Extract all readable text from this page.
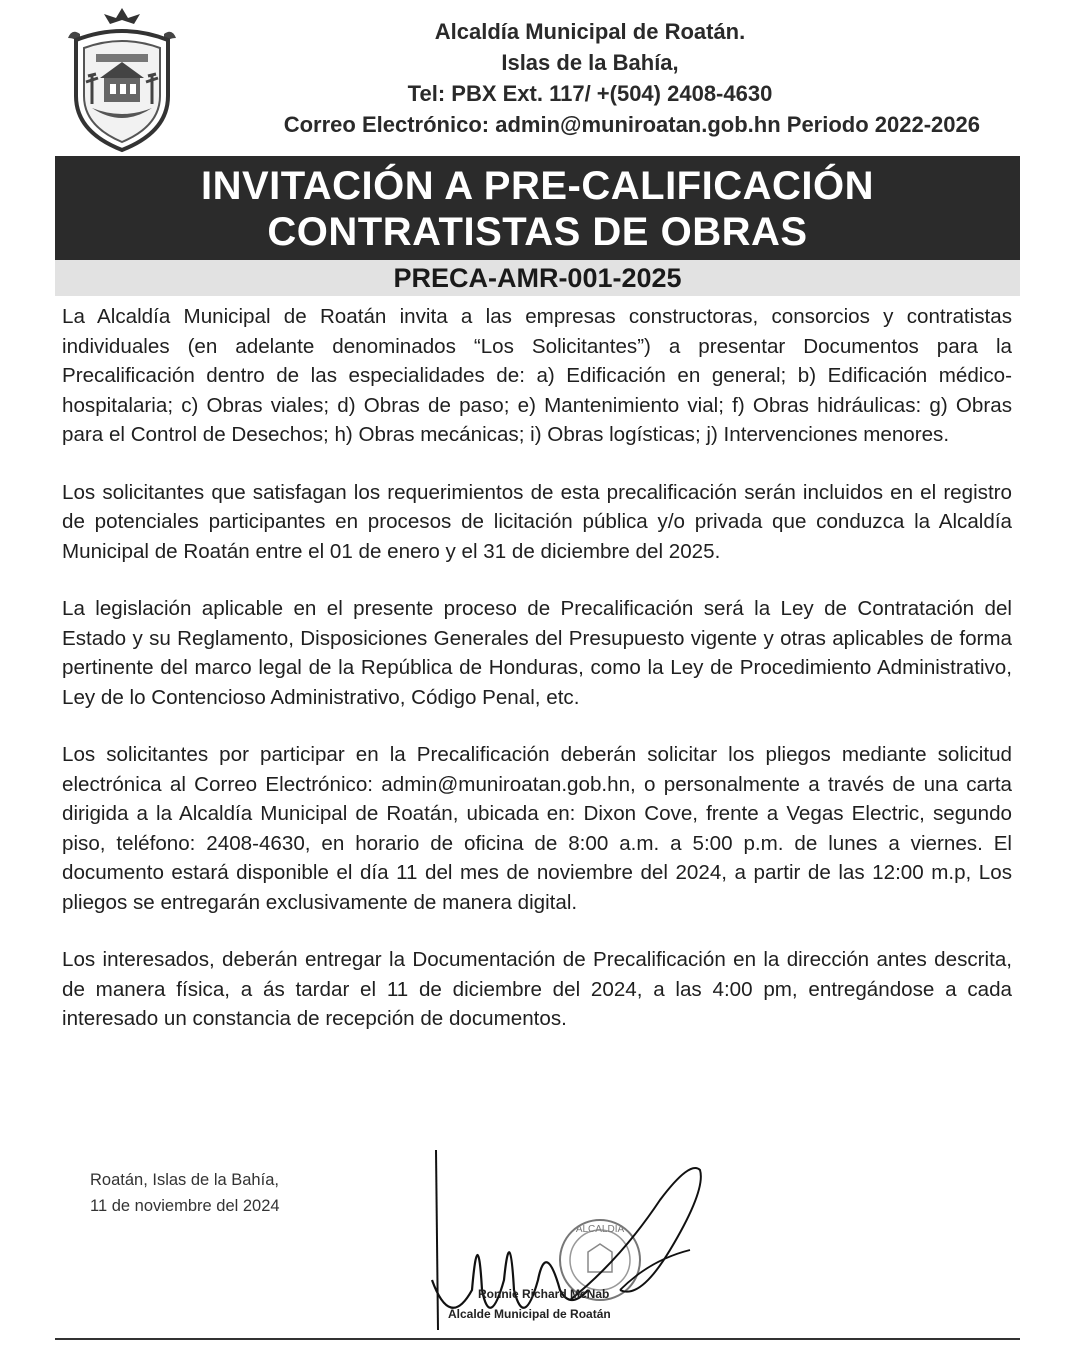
Alcaldía Municipal de Roatán.
Islas de la Bahía,
Tel: PBX Ext. 117/ +(504) 2408-4630
Correo Electrónico: admin@muniroatan.gob.hn Periodo 2022-2026
INVITACIÓN A PRE-CALIFICACIÓN
CONTRATISTAS DE OBRAS
PRECA-AMR-001-2025

La Alcaldía Municipal de Roatán invita a las empresas constructoras, consorcios y contratistas individuales (en adelante denominados “Los Solicitantes”) a presentar Documentos para la Precalificación dentro de las especialidades de: a) Edificación en general; b) Edificación médico-hospitalaria; c) Obras viales; d) Obras de paso; e) Mantenimiento vial; f) Obras hidráulicas: g) Obras para el Control de Desechos; h) Obras mecánicas; i) Obras logísticas; j) Intervenciones menores.

Los solicitantes que satisfagan los requerimientos de esta precalificación serán incluidos en el registro de potenciales participantes en procesos de licitación pública y/o privada que conduzca la Alcaldía Municipal de Roatán entre el 01 de enero y el 31 de diciembre del 2025.

La legislación aplicable en el presente proceso de Precalificación será la Ley de Contratación del Estado y su Reglamento, Disposiciones Generales del Presupuesto vigente y otras aplicables de forma pertinente del marco legal de la República de Honduras, como la Ley de Procedimiento Administrativo, Ley de lo Contencioso Administrativo, Código Penal, etc.

Los solicitantes por participar en la Precalificación deberán solicitar los pliegos mediante solicitud electrónica al Correo Electrónico: admin@muniroatan.gob.hn, o personalmente a través de una carta dirigida a la Alcaldía Municipal de Roatán, ubicada en: Dixon Cove, frente a Vegas Electric, segundo piso, teléfono: 2408-4630, en horario de oficina de 8:00 a.m. a 5:00 p.m. de lunes a viernes. El documento estará disponible el día 11 del mes de noviembre del 2024, a partir de las 12:00 m.p, Los pliegos se entregarán exclusivamente de manera digital.

Los interesados, deberán entregar la Documentación de Precalificación en la dirección antes descrita, de manera física, a ás tardar el 11 de diciembre del 2024, a las 4:00 pm, entregándose a cada interesado un constancia de recepción de documentos.

Roatán, Islas de la Bahía,
11 de noviembre del 2024
ALCALDIA
Ronnie Richard McNab
Alcalde Municipal de Roatán
